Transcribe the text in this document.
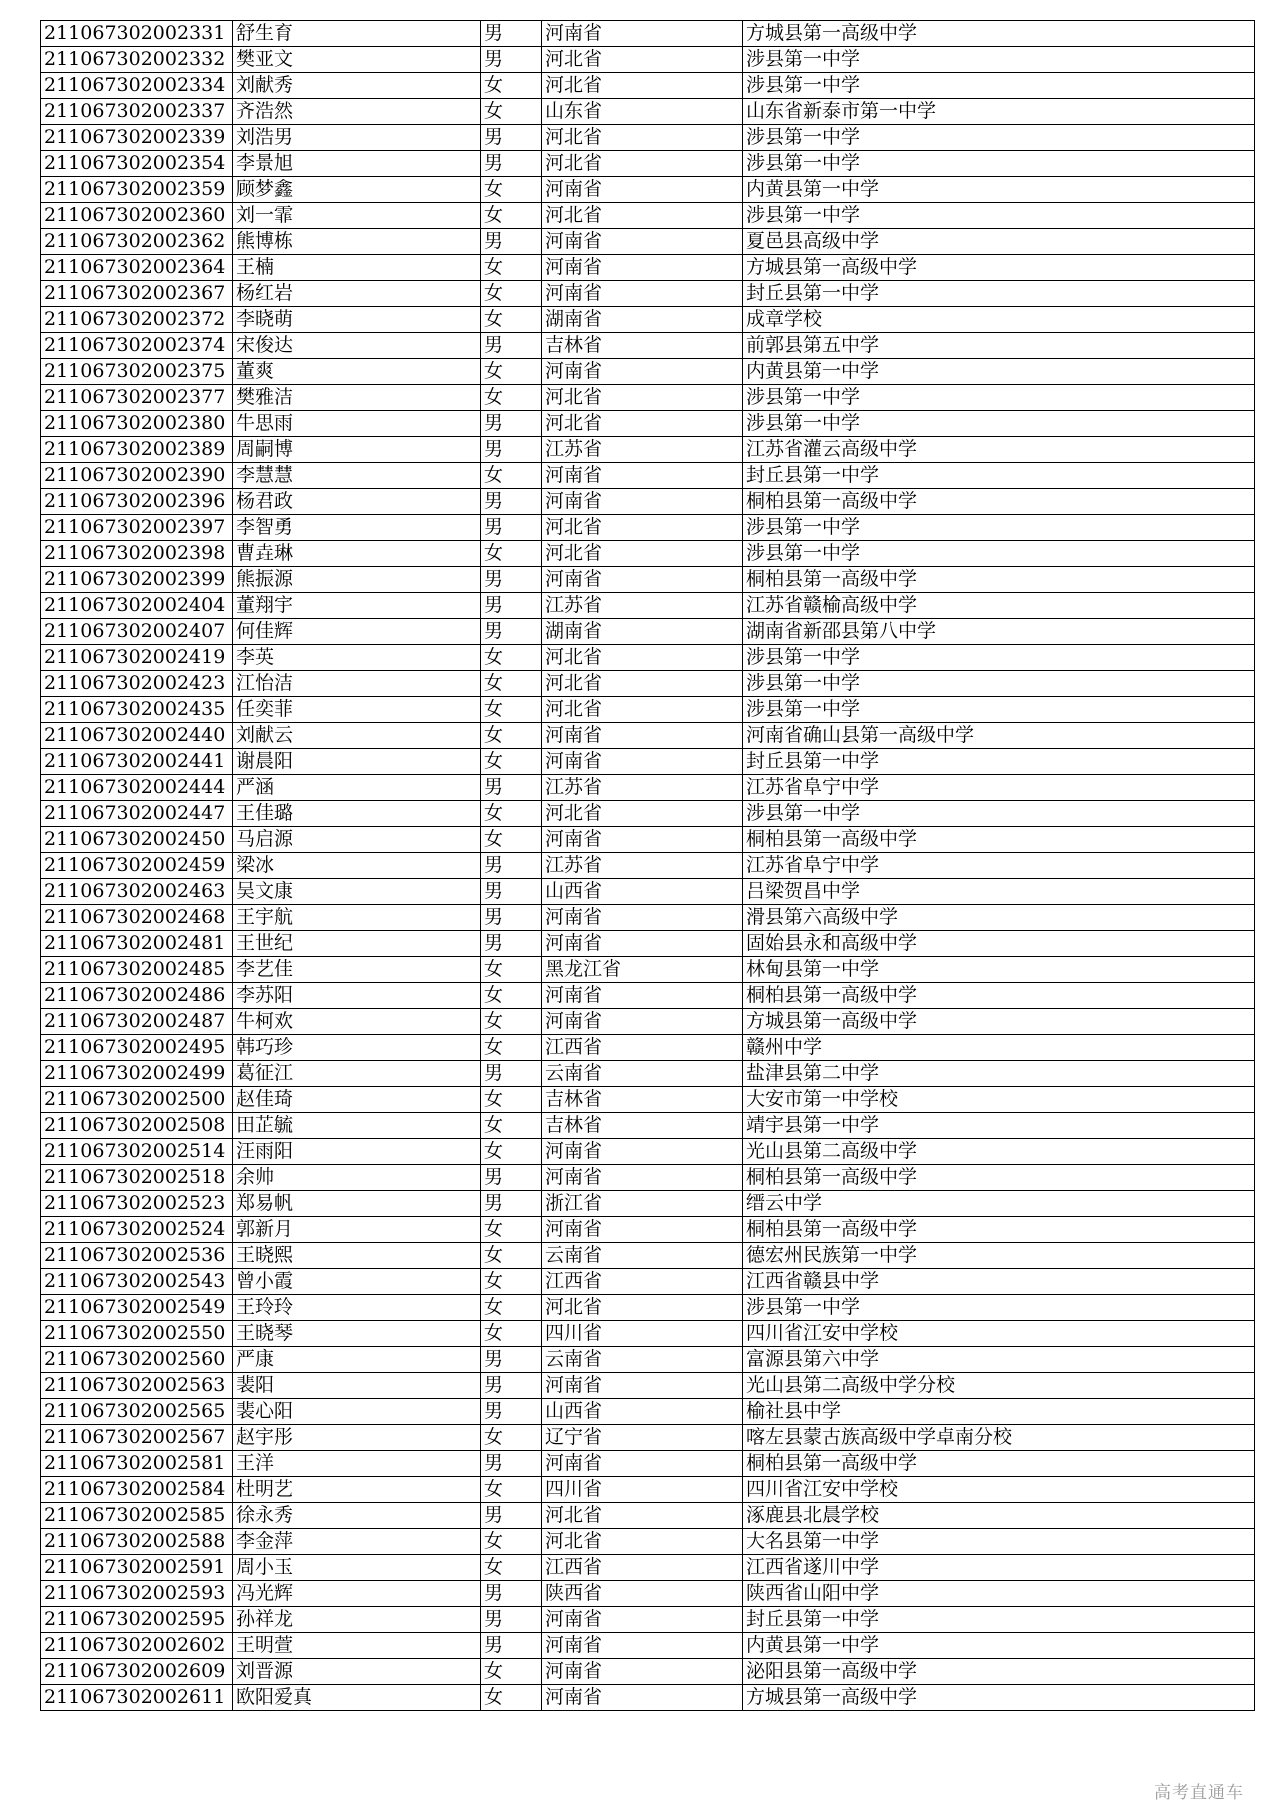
211067302002331	舒生育	男	河南省	方城县第一高级中学
211067302002332	樊亚文	男	河北省	涉县第一中学
211067302002334	刘献秀	女	河北省	涉县第一中学
211067302002337	齐浩然	女	山东省	山东省新泰市第一中学
211067302002339	刘浩男	男	河北省	涉县第一中学
211067302002354	李景旭	男	河北省	涉县第一中学
211067302002359	顾梦鑫	女	河南省	内黄县第一中学
211067302002360	刘一霏	女	河北省	涉县第一中学
211067302002362	熊博栋	男	河南省	夏邑县高级中学
211067302002364	王楠	女	河南省	方城县第一高级中学
211067302002367	杨红岩	女	河南省	封丘县第一中学
211067302002372	李晓萌	女	湖南省	成章学校
211067302002374	宋俊达	男	吉林省	前郭县第五中学
211067302002375	董爽	女	河南省	内黄县第一中学
211067302002377	樊雅洁	女	河北省	涉县第一中学
211067302002380	牛思雨	男	河北省	涉县第一中学
211067302002389	周嗣博	男	江苏省	江苏省灌云高级中学
211067302002390	李慧慧	女	河南省	封丘县第一中学
211067302002396	杨君政	男	河南省	桐柏县第一高级中学
211067302002397	李智勇	男	河北省	涉县第一中学
211067302002398	曹垚琳	女	河北省	涉县第一中学
211067302002399	熊振源	男	河南省	桐柏县第一高级中学
211067302002404	董翔宇	男	江苏省	江苏省赣榆高级中学
211067302002407	何佳辉	男	湖南省	湖南省新邵县第八中学
211067302002419	李英	女	河北省	涉县第一中学
211067302002423	江怡洁	女	河北省	涉县第一中学
211067302002435	任奕菲	女	河北省	涉县第一中学
211067302002440	刘献云	女	河南省	河南省确山县第一高级中学
211067302002441	谢晨阳	女	河南省	封丘县第一中学
211067302002444	严涵	男	江苏省	江苏省阜宁中学
211067302002447	王佳璐	女	河北省	涉县第一中学
211067302002450	马启源	女	河南省	桐柏县第一高级中学
211067302002459	梁冰	男	江苏省	江苏省阜宁中学
211067302002463	吴文康	男	山西省	吕梁贺昌中学
211067302002468	王宇航	男	河南省	滑县第六高级中学
211067302002481	王世纪	男	河南省	固始县永和高级中学
211067302002485	李艺佳	女	黑龙江省	林甸县第一中学
211067302002486	李苏阳	女	河南省	桐柏县第一高级中学
211067302002487	牛柯欢	女	河南省	方城县第一高级中学
211067302002495	韩巧珍	女	江西省	赣州中学
211067302002499	葛征江	男	云南省	盐津县第二中学
211067302002500	赵佳琦	女	吉林省	大安市第一中学校
211067302002508	田芷毓	女	吉林省	靖宇县第一中学
211067302002514	汪雨阳	女	河南省	光山县第二高级中学
211067302002518	余帅	男	河南省	桐柏县第一高级中学
211067302002523	郑易帆	男	浙江省	缙云中学
211067302002524	郭新月	女	河南省	桐柏县第一高级中学
211067302002536	王晓熙	女	云南省	德宏州民族第一中学
211067302002543	曾小霞	女	江西省	江西省赣县中学
211067302002549	王玲玲	女	河北省	涉县第一中学
211067302002550	王晓琴	女	四川省	四川省江安中学校
211067302002560	严康	男	云南省	富源县第六中学
211067302002563	裴阳	男	河南省	光山县第二高级中学分校
211067302002565	裴心阳	男	山西省	榆社县中学
211067302002567	赵宇彤	女	辽宁省	喀左县蒙古族高级中学卓南分校
211067302002581	王洋	男	河南省	桐柏县第一高级中学
211067302002584	杜明艺	女	四川省	四川省江安中学校
211067302002585	徐永秀	男	河北省	涿鹿县北晨学校
211067302002588	李金萍	女	河北省	大名县第一中学
211067302002591	周小玉	女	江西省	江西省遂川中学
211067302002593	冯光辉	男	陕西省	陕西省山阳中学
211067302002595	孙祥龙	男	河南省	封丘县第一中学
211067302002602	王明萱	男	河南省	内黄县第一中学
211067302002609	刘晋源	女	河南省	泌阳县第一高级中学
211067302002611	欧阳爱真	女	河南省	方城县第一高级中学
高考直通车
